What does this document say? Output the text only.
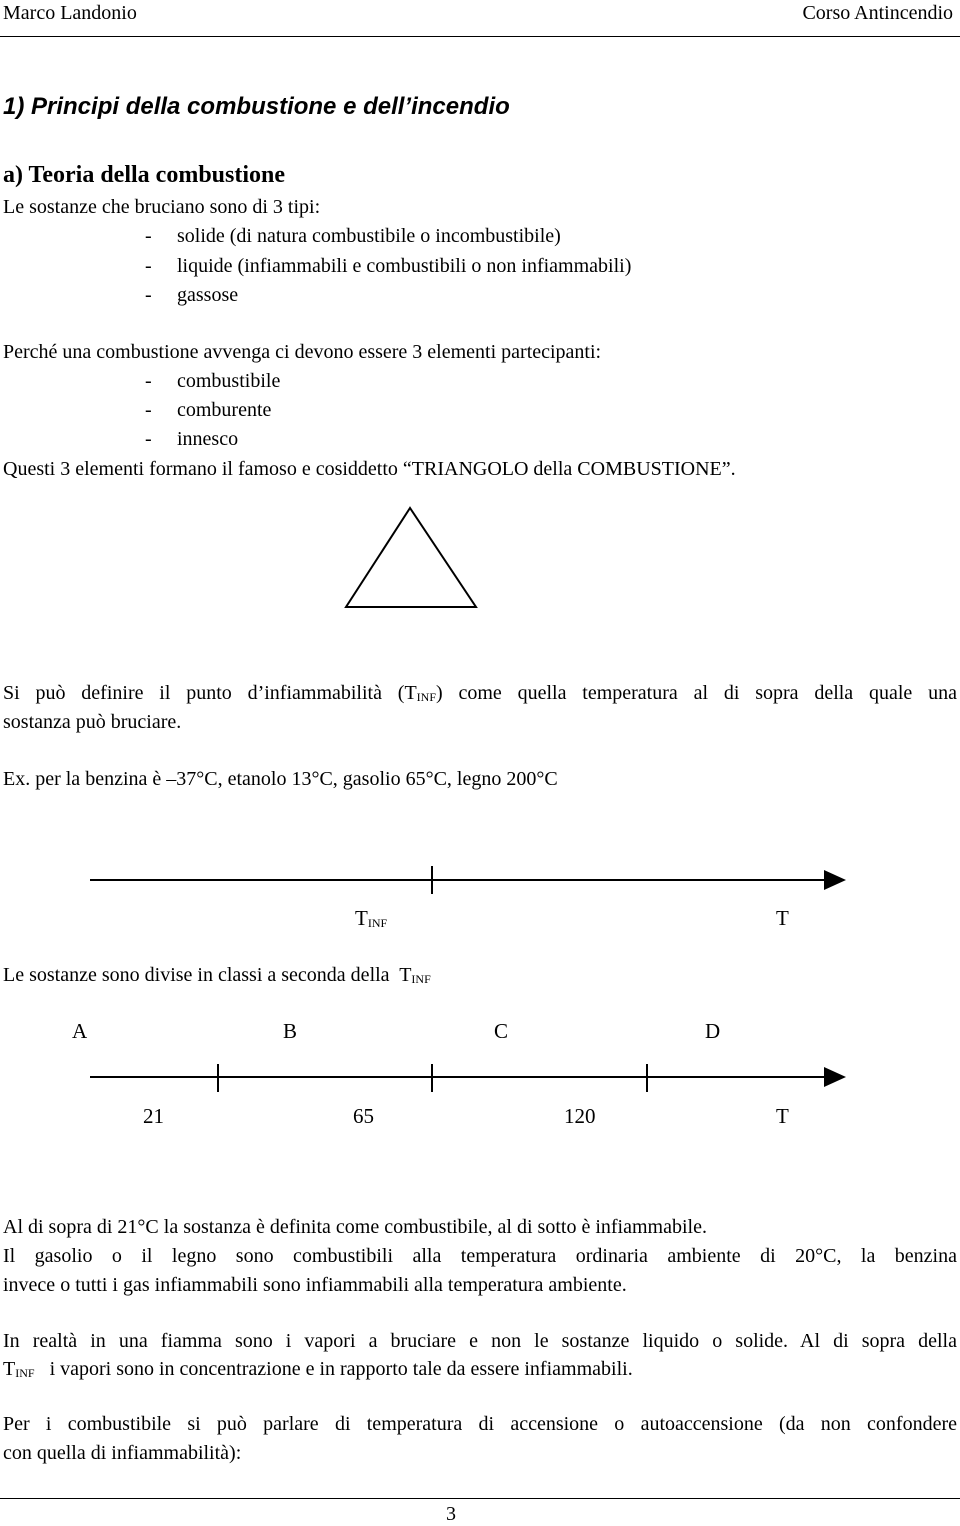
Marco Landonio	Corso Antincendio
1) Principi della combustione e dell’incendio
a) Teoria della combustione
Le sostanze che bruciano sono di 3 tipi:
- solide (di natura combustibile o incombustibile)
- liquide (infiammabili e combustibili o non infiammabili)
- gassose
Perché una combustione avvenga ci devono essere 3 elementi partecipanti:
- combustibile
- comburente
- innesco
Questi 3 elementi formano il famoso e cosiddetto “TRIANGOLO della COMBUSTIONE”.
Si può definire il punto d’infiammabilità (TINF) come quella temperatura al di sopra della quale una
sostanza può bruciare.
Ex. per la benzina è –37°C, etanolo 13°C, gasolio 65°C, legno 200°C
TINF	T
Le sostanze sono divise in classi a seconda della TINF
A	B	C	D
21	65	120	T
Al di sopra di 21°C la sostanza è definita come combustibile, al di sotto è infiammabile.
Il gasolio o il legno sono combustibili alla temperatura ordinaria ambiente di 20°C, la benzina
invece o tutti i gas infiammabili sono infiammabili alla temperatura ambiente.
In realtà in una fiamma sono i vapori a bruciare e non le sostanze liquido o solide. Al di sopra della
TINF i vapori sono in concentrazione e in rapporto tale da essere infiammabili.
Per i combustibile si può parlare di temperatura di accensione o autoaccensione (da non confondere
con quella di infiammabilità):
3
